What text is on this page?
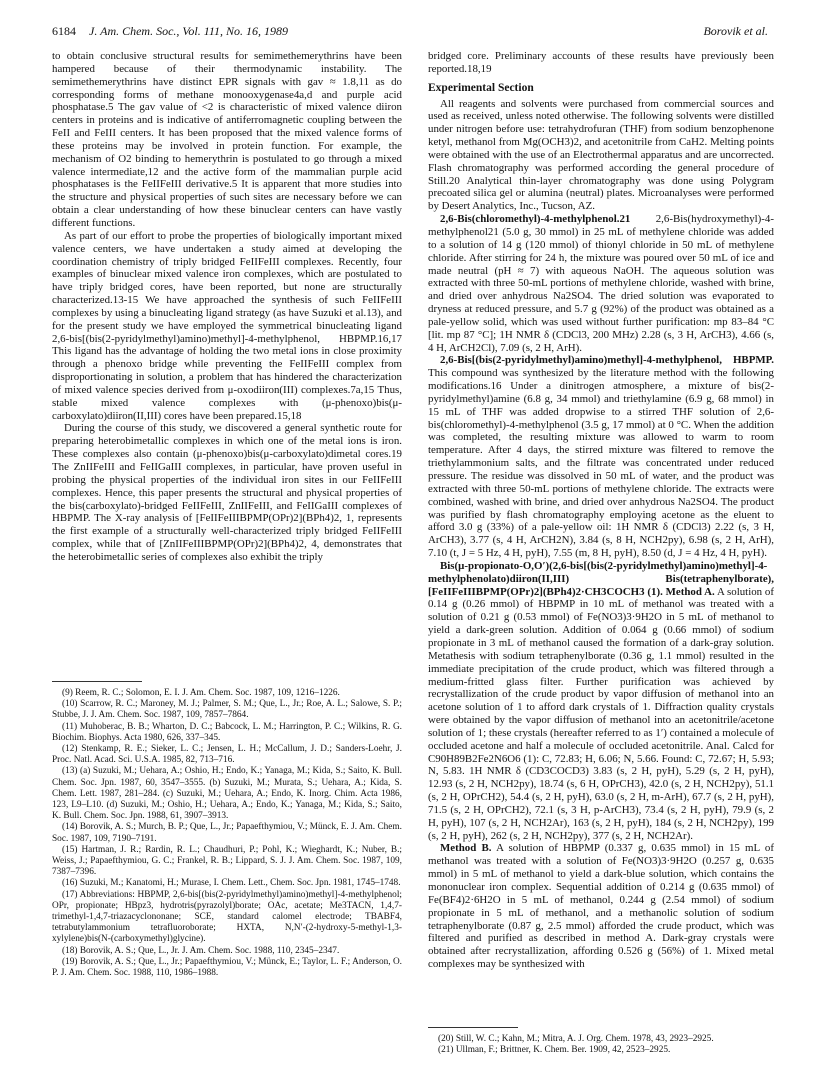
6184 J. Am. Chem. Soc., Vol. 111, No. 16, 1989	Borovik et al.

to obtain conclusive structural results for semimethemerythrins have been hampered because of their thermodynamic instability. The semimethemerythrins have distinct EPR signals with gav ≈ 1.8,11 as do corresponding forms of methane monooxygenase4a,d and purple acid phosphatase.5 The gav value of <2 is characteristic of mixed valence diiron centers in proteins and is indicative of antiferromagnetic coupling between the FeII and FeIII centers. It has been proposed that the mixed valence forms of these proteins may be involved in protein function. For example, the mechanism of O2 binding to hemerythrin is postulated to go through a mixed valence intermediate,12 and the active form of the mammalian purple acid phosphatases is the FeIIFeIII derivative.5 It is apparent that more studies into the structure and physical properties of such sites are necessary before we can obtain a clear understanding of how these binuclear centers can have vastly different functions.

As part of our effort to probe the properties of biologically important mixed valence centers, we have undertaken a study aimed at developing the coordination chemistry of triply bridged FeIIFeIII complexes. Recently, four examples of binuclear mixed valence iron complexes, which are postulated to have triply bridged cores, have been reported, but none are structurally characterized.13-15 We have approached the synthesis of such FeIIFeIII complexes by using a binucleating ligand strategy (as have Suzuki et al.13), and for the present study we have employed the symmetrical binucleating ligand 2,6-bis[(bis(2-pyridylmethyl)amino)methyl]-4-methylphenol, HBPMP.16,17 This ligand has the advantage of holding the two metal ions in close proximity through a phenoxo bridge while preventing the FeIIFeIII complex from disproportionating in solution, a problem that has hindered the characterization of mixed valence species derived from μ-oxodiiron(III) complexes.7a,15 Thus, stable mixed valence complexes with (μ-phenoxo)bis(μ-carboxylato)diiron(II,III) cores have been prepared.15,18

During the course of this study, we discovered a general synthetic route for preparing heterobimetallic complexes in which one of the metal ions is iron. These complexes also contain (μ-phenoxo)bis(μ-carboxylato)dimetal cores.19 The ZnIIFeIII and FeIIGaIII complexes, in particular, have proven useful in probing the physical properties of the individual iron sites in our FeIIFeIII complexes. Hence, this paper presents the structural and physical properties of the bis(carboxylato)-bridged FeIIFeIII, ZnIIFeIII, and FeIIGaIII complexes of HBPMP. The X-ray analysis of [FeIIFeIIIBPMP(OPr)2](BPh4)2, 1, represents the first example of a structurally well-characterized triply bridged FeIIFeIII complex, while that of [ZnIIFeIIIBPMP(OPr)2](BPh4)2, 4, demonstrates that the heterobimetallic series of complexes also exhibit the triply

(9) Reem, R. C.; Solomon, E. I. J. Am. Chem. Soc. 1987, 109, 1216–1226.

(10) Scarrow, R. C.; Maroney, M. J.; Palmer, S. M.; Que, L., Jr.; Roe, A. L.; Salowe, S. P.; Stubbe, J. J. Am. Chem. Soc. 1987, 109, 7857–7864.

(11) Muhoberac, B. B.; Wharton, D. C.; Babcock, L. M.; Harrington, P. C.; Wilkins, R. G. Biochim. Biophys. Acta 1980, 626, 337–345.

(12) Stenkamp, R. E.; Sieker, L. C.; Jensen, L. H.; McCallum, J. D.; Sanders-Loehr, J. Proc. Natl. Acad. Sci. U.S.A. 1985, 82, 713–716.

(13) (a) Suzuki, M.; Uehara, A.; Oshio, H.; Endo, K.; Yanaga, M.; Kida, S.; Saito, K. Bull. Chem. Soc. Jpn. 1987, 60, 3547–3555. (b) Suzuki, M.; Murata, S.; Uehara, A.; Kida, S. Chem. Lett. 1987, 281–284. (c) Suzuki, M.; Uehara, A.; Endo, K. Inorg. Chim. Acta 1986, 123, L9–L10. (d) Suzuki, M.; Oshio, H.; Uehara, A.; Endo, K.; Yanaga, M.; Kida, S.; Saito, K. Bull. Chem. Soc. Jpn. 1988, 61, 3907–3913.

(14) Borovik, A. S.; Murch, B. P.; Que, L., Jr.; Papaefthymiou, V.; Münck, E. J. Am. Chem. Soc. 1987, 109, 7190–7191.

(15) Hartman, J. R.; Rardin, R. L.; Chaudhuri, P.; Pohl, K.; Wieghardt, K.; Nuber, B.; Weiss, J.; Papaefthymiou, G. C.; Frankel, R. B.; Lippard, S. J. J. Am. Chem. Soc. 1987, 109, 7387–7396.

(16) Suzuki, M.; Kanatomi, H.; Murase, I. Chem. Lett., Chem. Soc. Jpn. 1981, 1745–1748.

(17) Abbreviations: HBPMP, 2,6-bis[(bis(2-pyridylmethyl)amino)methyl]-4-methylphenol; OPr, propionate; HBpz3, hydrotris(pyrazolyl)borate; OAc, acetate; Me3TACN, 1,4,7-trimethyl-1,4,7-triazacyclononane; SCE, standard calomel electrode; TBABF4, tetrabutylammonium tetrafluoroborate; HXTA, N,N′-(2-hydroxy-5-methyl-1,3-xylylene)bis(N-(carboxymethyl)glycine).

(18) Borovik, A. S.; Que, L., Jr. J. Am. Chem. Soc. 1988, 110, 2345–2347.

(19) Borovik, A. S.; Que, L., Jr.; Papaefthymiou, V.; Münck, E.; Taylor, L. F.; Anderson, O. P. J. Am. Chem. Soc. 1988, 110, 1986–1988.

bridged core. Preliminary accounts of these results have previously been reported.18,19

Experimental Section

All reagents and solvents were purchased from commercial sources and used as received, unless noted otherwise. The following solvents were distilled under nitrogen before use: tetrahydrofuran (THF) from sodium benzophenone ketyl, methanol from Mg(OCH3)2, and acetonitrile from CaH2. Melting points were obtained with the use of an Electrothermal apparatus and are uncorrected. Flash chromatography was performed according the general procedure of Still.20 Analytical thin-layer chromatography was done using Polygram precoated silica gel or alumina (neutral) plates. Microanalyses were performed by Desert Analytics, Inc., Tucson, AZ.

2,6-Bis(chloromethyl)-4-methylphenol.21 2,6-Bis(hydroxymethyl)-4-methylphenol21 (5.0 g, 30 mmol) in 25 mL of methylene chloride was added to a solution of 14 g (120 mmol) of thionyl chloride in 50 mL of methylene chloride. After stirring for 24 h, the mixture was poured over 50 mL of ice and made neutral (pH ≈ 7) with aqueous NaOH. The aqueous solution was extracted with three 50-mL portions of methylene chloride, washed with brine, and dried over anhydrous Na2SO4. The dried solution was evaporated to dryness at reduced pressure, and 5.7 g (92%) of the product was obtained as a pale-yellow solid, which was used without further purification: mp 83–84 °C [lit. mp 87 °C]; 1H NMR δ (CDCl3, 200 MHz) 2.28 (s, 3 H, ArCH3), 4.66 (s, 4 H, ArCH2Cl), 7.09 (s, 2 H, ArH).

2,6-Bis[(bis(2-pyridylmethyl)amino)methyl]-4-methylphenol, HBPMP. This compound was synthesized by the literature method with the following modifications.16 Under a dinitrogen atmosphere, a mixture of bis(2-pyridylmethyl)amine (6.8 g, 34 mmol) and triethylamine (6.9 g, 68 mmol) in 15 mL of THF was added dropwise to a stirred THF solution of 2,6-bis(chloromethyl)-4-methylphenol (3.5 g, 17 mmol) at 0 °C. When the addition was completed, the resulting mixture was allowed to warm to room temperature. After 4 days, the stirred mixture was filtered to remove the triethylammonium salts, and the filtrate was concentrated under reduced pressure. The residue was dissolved in 50 mL of water, and the product was extracted with three 50-mL portions of methylene chloride. The extracts were combined, washed with brine, and dried over anhydrous Na2SO4. The product was purified by flash chromatography employing acetone as the eluent to afford 3.0 g (33%) of a pale-yellow oil: 1H NMR δ (CDCl3) 2.22 (s, 3 H, ArCH3), 3.77 (s, 4 H, ArCH2N), 3.84 (s, 8 H, NCH2py), 6.98 (s, 2 H, ArH), 7.10 (t, J = 5 Hz, 4 H, pyH), 7.55 (m, 8 H, pyH), 8.50 (d, J = 4 Hz, 4 H, pyH).

Bis(μ-propionato-O,O′)(2,6-bis[(bis(2-pyridylmethyl)amino)methyl]-4-methylphenolato)diiron(II,III) Bis(tetraphenylborate), [FeIIFeIIIBPMP(OPr)2](BPh4)2·CH3COCH3 (1). Method A. A solution of 0.14 g (0.26 mmol) of HBPMP in 10 mL of methanol was treated with a solution of 0.21 g (0.53 mmol) of Fe(NO3)3·9H2O in 5 mL of methanol to yield a dark-green solution. Addition of 0.064 g (0.66 mmol) of sodium propionate in 3 mL of methanol caused the formation of a dark-gray solution. Metathesis with sodium tetraphenylborate (0.36 g, 1.1 mmol) resulted in the immediate precipitation of the crude product, which was filtered through a medium-fritted glass filter. Further purification was achieved by recrystallization of the crude product by vapor diffusion of methanol into an acetone solution of 1 to afford dark crystals of 1. Diffraction quality crystals were obtained by the vapor diffusion of methanol into an acetonitrile/acetone solution of 1; these crystals (hereafter referred to as 1′) contained a molecule of occluded acetone and half a molecule of occluded acetonitrile. Anal. Calcd for C90H89B2Fe2N6O6 (1): C, 72.83; H, 6.06; N, 5.66. Found: C, 72.67; H, 5.93; N, 5.83. 1H NMR δ (CD3COCD3) 3.83 (s, 2 H, pyH), 5.29 (s, 2 H, pyH), 12.93 (s, 2 H, NCH2py), 18.74 (s, 6 H, OPrCH3), 42.0 (s, 2 H, NCH2py), 51.1 (s, 2 H, OPrCH2), 54.4 (s, 2 H, pyH), 63.0 (s, 2 H, m-ArH), 67.7 (s, 2 H, pyH), 71.5 (s, 2 H, OPrCH2), 72.1 (s, 3 H, p-ArCH3), 73.4 (s, 2 H, pyH), 79.9 (s, 2 H, pyH), 107 (s, 2 H, NCH2Ar), 163 (s, 2 H, pyH), 184 (s, 2 H, NCH2py), 199 (s, 2 H, pyH), 262 (s, 2 H, NCH2py), 377 (s, 2 H, NCH2Ar).

Method B. A solution of HBPMP (0.337 g, 0.635 mmol) in 15 mL of methanol was treated with a solution of Fe(NO3)3·9H2O (0.257 g, 0.635 mmol) in 5 mL of methanol to yield a dark-blue solution, which contains the mononuclear iron complex. Sequential addition of 0.214 g (0.635 mmol) of Fe(BF4)2·6H2O in 5 mL of methanol, 0.244 g (2.54 mmol) of sodium propionate in 5 mL of methanol, and a methanolic solution of sodium tetraphenylborate (0.87 g, 2.5 mmol) afforded the crude product, which was filtered and purified as described in method A. Dark-gray crystals were obtained after recrystallization, affording 0.526 g (56%) of 1. Mixed metal complexes may be synthesized with

(20) Still, W. C.; Kahn, M.; Mitra, A. J. Org. Chem. 1978, 43, 2923–2925.

(21) Ullman, F.; Brittner, K. Chem. Ber. 1909, 42, 2523–2925.
